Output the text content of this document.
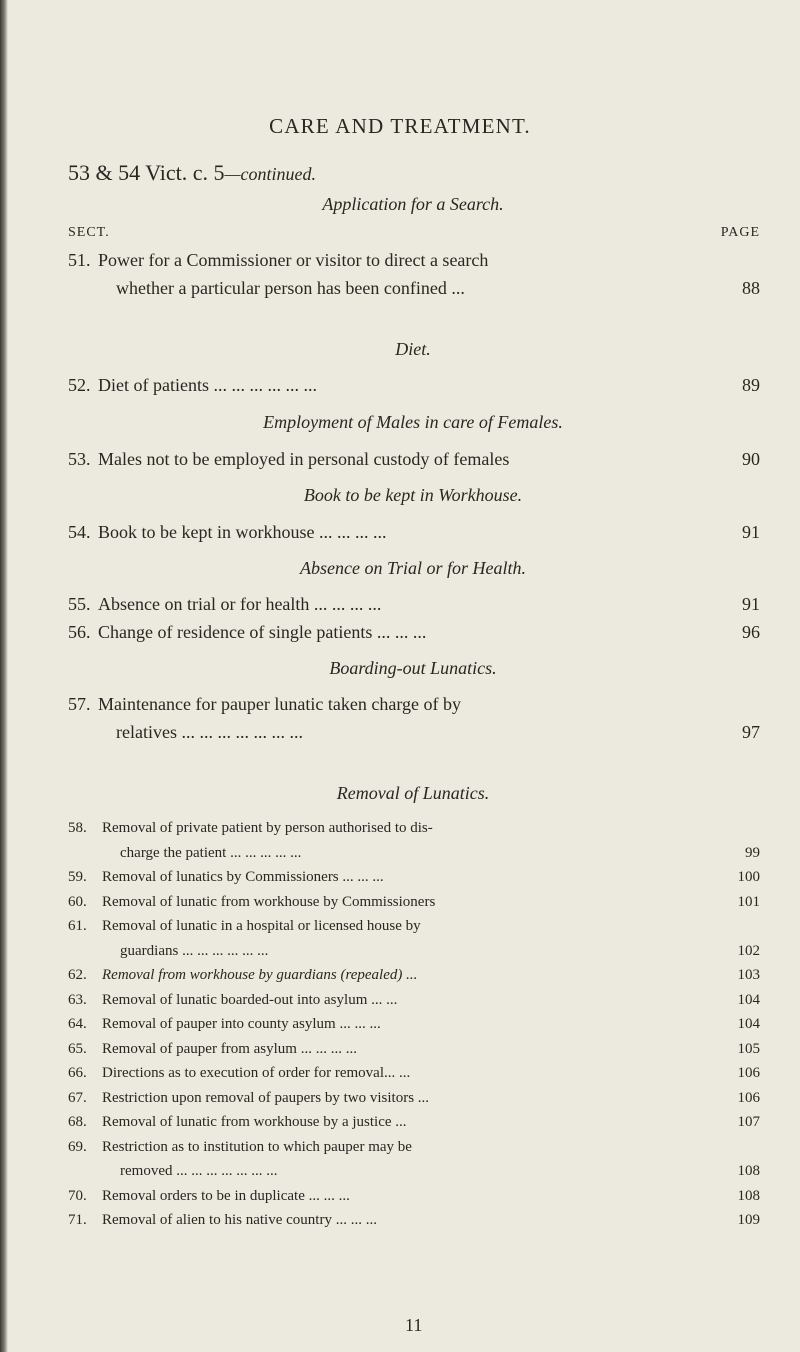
CARE AND TREATMENT.
53 & 54 Vict. c. 5—continued.
Application for a Search.
SECT.	PAGE
51. Power for a Commissioner or visitor to direct a search
whether a particular person has been confined ...	88
Diet.
52. Diet of patients ... ... ... ... ... ...	89
Employment of Males in care of Females.
53. Males not to be employed in personal custody of females	90
Book to be kept in Workhouse.
54. Book to be kept in workhouse ... ... ... ...	91
Absence on Trial or for Health.
55. Absence on trial or for health ... ... ... ...	91
56. Change of residence of single patients ... ... ...	96
Boarding-out Lunatics.
57. Maintenance for pauper lunatic taken charge of by
relatives ... ... ... ... ... ... ...	97
Removal of Lunatics.
58. Removal of private patient by person authorised to dis-
charge the patient ... ... ... ... ...	99
59. Removal of lunatics by Commissioners ... ... ...	100
60. Removal of lunatic from workhouse by Commissioners	101
61. Removal of lunatic in a hospital or licensed house by
guardians ... ... ... ... ... ...	102
62. Removal from workhouse by guardians (repealed) ...	103
63. Removal of lunatic boarded-out into asylum ... ...	104
64. Removal of pauper into county asylum ... ... ...	104
65. Removal of pauper from asylum ... ... ... ...	105
66. Directions as to execution of order for removal... ...	106
67. Restriction upon removal of paupers by two visitors ...	106
68. Removal of lunatic from workhouse by a justice ...	107
69. Restriction as to institution to which pauper may be
removed ... ... ... ... ... ... ...	108
70. Removal orders to be in duplicate ... ... ...	108
71. Removal of alien to his native country ... ... ...	109
11
